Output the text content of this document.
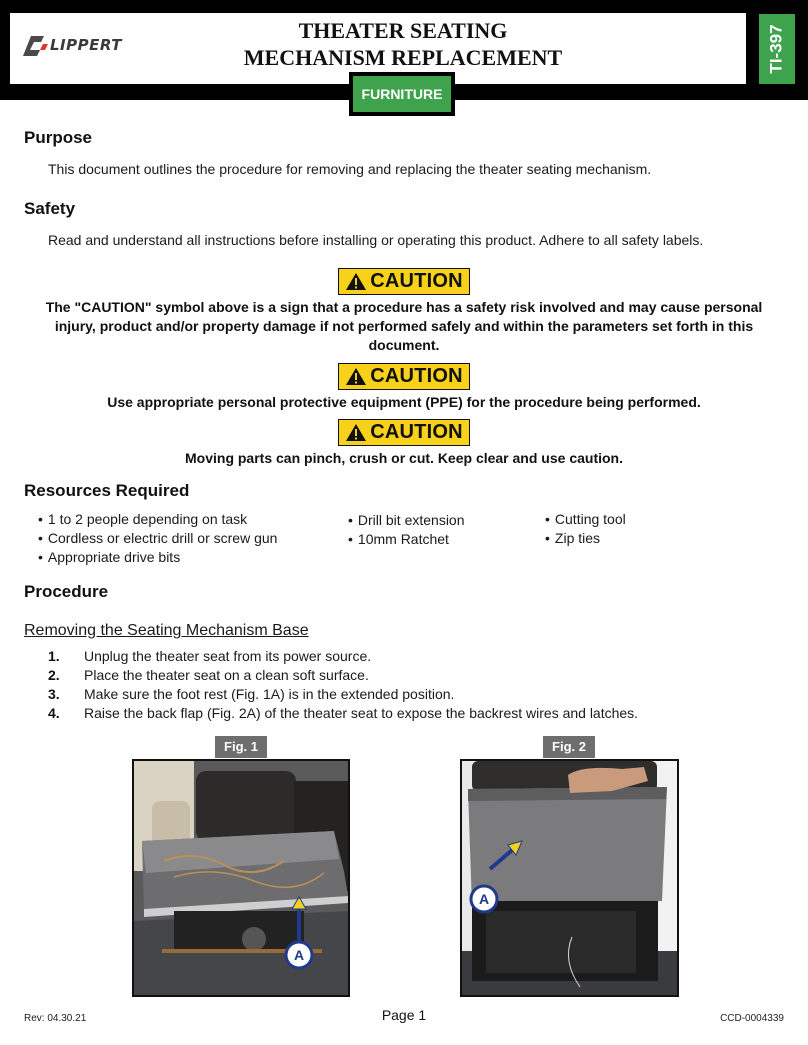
LIPPERT
THEATER SEATING
MECHANISM REPLACEMENT	TI-397
FURNITURE
Purpose

This document outlines the procedure for removing and replacing the theater seating mechanism.

Safety

Read and understand all instructions before installing or operating this product. Adhere to all safety labels.

CAUTION
The "CAUTION" symbol above is a sign that a procedure has a safety risk involved and may cause personal injury, product and/or property damage if not performed safely and within the parameters set forth in this document.
CAUTION
Use appropriate personal protective equipment (PPE) for the procedure being performed.
CAUTION
Moving parts can pinch, crush or cut. Keep clear and use caution.
Resources Required
• 1 to 2 people depending on task
• Cordless or electric drill or screw gun
• Appropriate drive bits
• Drill bit extension
• 10mm Ratchet
• Cutting tool
• Zip ties
Procedure
Removing the Seating Mechanism Base
1. Unplug the theater seat from its power source.
2. Place the theater seat on a clean soft surface.
3. Make sure the foot rest (Fig. 1A) is in the extended position.
4. Raise the back flap (Fig. 2A) of the theater seat to expose the backrest wires and latches.
Fig. 1
A
Fig. 2
A
Rev: 04.30.21	Page 1	CCD-0004339
